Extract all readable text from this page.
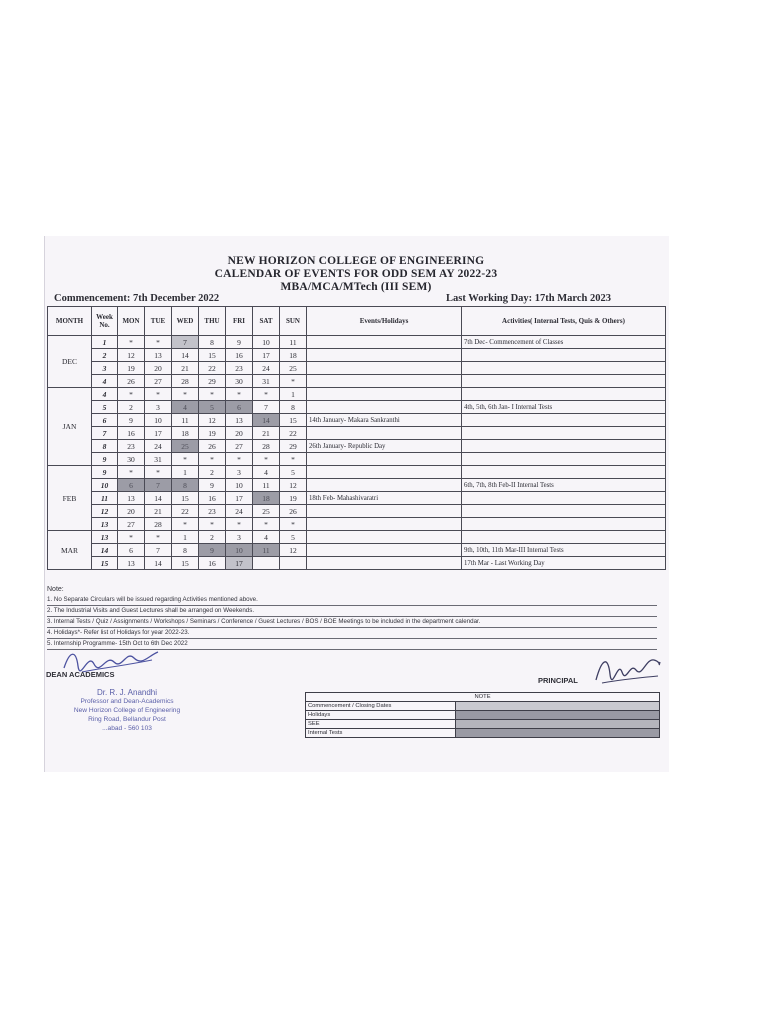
NEW HORIZON COLLEGE OF ENGINEERING
CALENDAR OF EVENTS FOR ODD SEM AY 2022-23
MBA/MCA/MTech (III SEM)
Commencement: 7th December 2022	Last Working Day: 17th March 2023
MONTH	Week No.	MON	TUE	WED	THU	FRI	SAT	SUN	Events/Holidays	Activities( Internal Tests, Quis & Others)
DEC	1	*	*	7	8	9	10	11		7th Dec- Commencement of Classes
	2	12	13	14	15	16	17	18		
	3	19	20	21	22	23	24	25		
	4	26	27	28	29	30	31	*		
JAN	4	*	*	*	*	*	*	1		
	5	2	3	4	5	6	7	8		4th, 5th, 6th Jan- I Internal Tests
	6	9	10	11	12	13	14	15	14th January- Makara Sankranthi	
	7	16	17	18	19	20	21	22		
	8	23	24	25	26	27	28	29	26th January- Republic Day	
	9	30	31	*	*	*	*	*		
FEB	9	*	*	1	2	3	4	5		
	10	6	7	8	9	10	11	12		6th, 7th, 8th Feb-II Internal Tests
	11	13	14	15	16	17	18	19	18th Feb- Mahashivaratri	
	12	20	21	22	23	24	25	26		
	13	27	28	*	*	*	*	*		
MAR	13	*	*	1	2	3	4	5		
	14	6	7	8	9	10	11	12		9th, 10th, 11th Mar-III Internal Tests
	15	13	14	15	16	17				17th Mar - Last Working Day
Note:
1. No Separate Circulars will be issued regarding Activities mentioned above.
2. The Industrial Visits and Guest Lectures shall be arranged on Weekends.
3. Internal Tests / Quiz / Assignments / Workshops / Seminars / Conference / Guest Lectures / BOS / BOE Meetings to be included in the department calendar.
4. Holidays*- Refer list of Holidays for year 2022-23.
5. Internship Programme- 15th Oct to 6th Dec 2022
DEAN ACADEMICS
PRINCIPAL
Dr. R. J. Anandhi
Professor and Dean-Academics
New Horizon College of Engineering
Ring Road, Bellandur Post
...abad - 560 103
NOTE	
Commencement / Closing Dates	
Holidays	
SEE	
Internal Tests	
